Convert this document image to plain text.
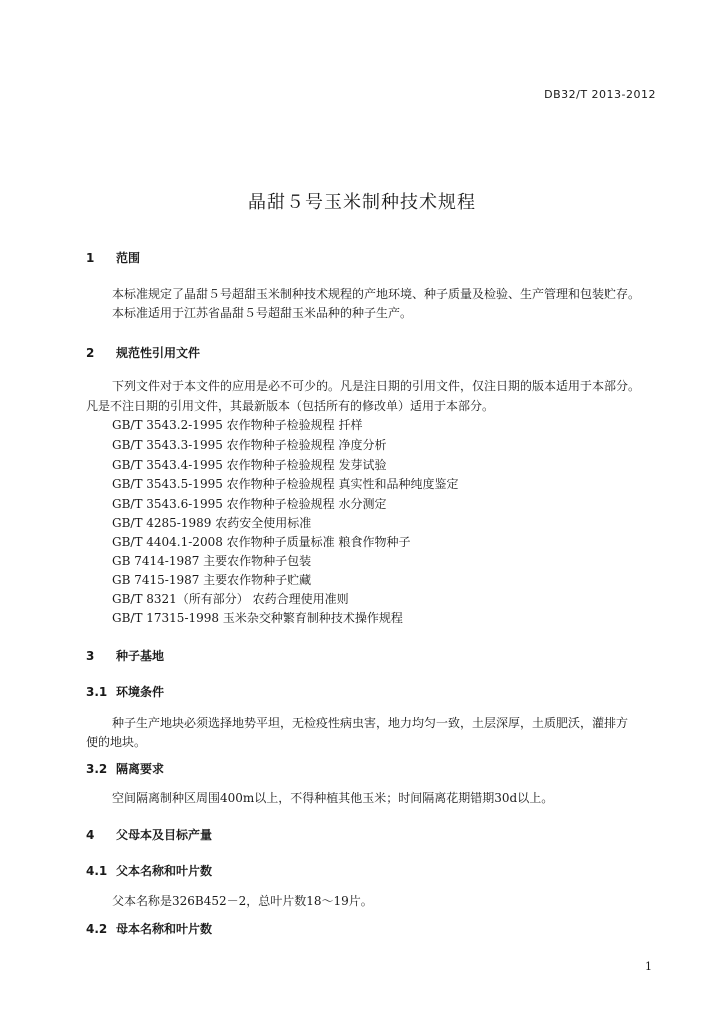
DB32/T 2013-2012
晶甜５号玉米制种技术规程
1 范围
本标准规定了晶甜５号超甜玉米制种技术规程的产地环境、种子质量及检验、生产管理和包装贮存。
本标准适用于江苏省晶甜５号超甜玉米品种的种子生产。
2 规范性引用文件
下列文件对于本文件的应用是必不可少的。凡是注日期的引用文件，仅注日期的版本适用于本部分。
凡是不注日期的引用文件，其最新版本（包括所有的修改单）适用于本部分。
GB/T 3543.2-1995 农作物种子检验规程 扦样
GB/T 3543.3-1995 农作物种子检验规程 净度分析
GB/T 3543.4-1995 农作物种子检验规程 发芽试验
GB/T 3543.5-1995 农作物种子检验规程 真实性和品种纯度鉴定
GB/T 3543.6-1995 农作物种子检验规程 水分测定
GB/T 4285-1989 农药安全使用标准
GB/T 4404.1-2008 农作物种子质量标准 粮食作物种子
GB 7414-1987 主要农作物种子包装
GB 7415-1987 主要农作物种子贮藏
GB/T 8321（所有部分） 农药合理使用准则
GB/T 17315-1998 玉米杂交种繁育制种技术操作规程
3 种子基地
3.1 环境条件
种子生产地块必须选择地势平坦，无检疫性病虫害，地力均匀一致，土层深厚，土质肥沃，灌排方
便的地块。
3.2 隔离要求
空间隔离制种区周围400m以上，不得种植其他玉米；时间隔离花期错期30d以上。
4 父母本及目标产量
4.1 父本名称和叶片数
父本名称是326B452－2，总叶片数18～19片。
4.2 母本名称和叶片数
1
